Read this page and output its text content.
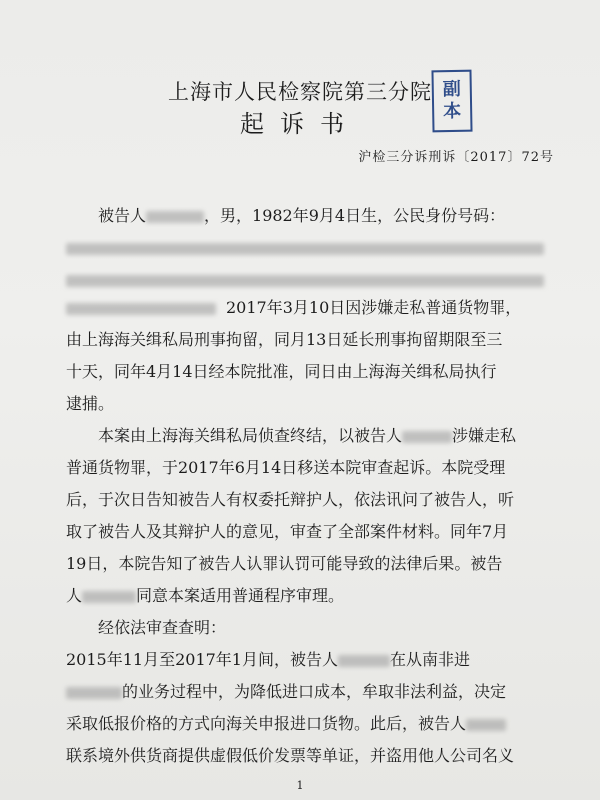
上海市人民检察院第三分院
起诉书
副
本
沪检三分诉刑诉〔2017〕72号
被告人	，男，1982年9月4日生，公民身份号码：
2017年3月10日因涉嫌走私普通货物罪，
由上海海关缉私局刑事拘留，同月13日延长刑事拘留期限至三
十天，同年4月14日经本院批准，同日由上海海关缉私局执行
逮捕。
本案由上海海关缉私局侦查终结，以被告人	涉嫌走私
普通货物罪，于2017年6月14日移送本院审查起诉。本院受理
后，于次日告知被告人有权委托辩护人，依法讯问了被告人，听
取了被告人及其辩护人的意见，审查了全部案件材料。同年7月
19日，本院告知了被告人认罪认罚可能导致的法律后果。被告
人	同意本案适用普通程序审理。
经依法审查查明：
2015年11月至2017年1月间，被告人	在从南非进
的业务过程中，为降低进口成本，牟取非法利益，决定
采取低报价格的方式向海关申报进口货物。此后，被告人
联系境外供货商提供虚假低价发票等单证，并盗用他人公司名义
1
